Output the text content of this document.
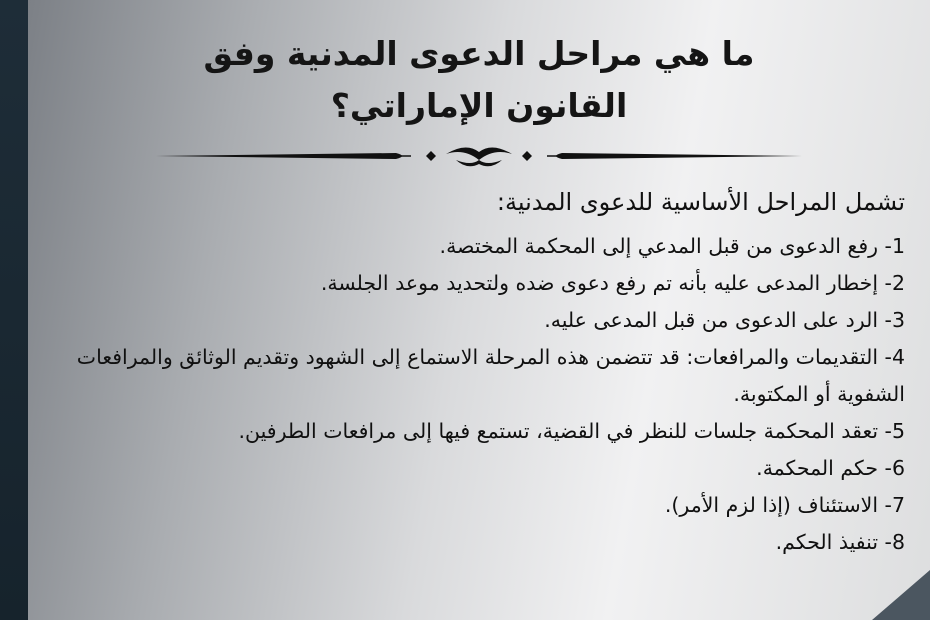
ما هي مراحل الدعوى المدنية وفق
القانون الإماراتي؟
تشمل المراحل الأساسية للدعوى المدنية:

1- رفع الدعوى من قبل المدعي إلى المحكمة المختصة.

2- إخطار المدعى عليه بأنه تم رفع دعوى ضده ولتحديد موعد الجلسة.

3- الرد على الدعوى من قبل المدعى عليه.

4- التقديمات والمرافعات: قد تتضمن هذه المرحلة الاستماع إلى الشهود وتقديم الوثائق والمرافعات الشفوية أو المكتوبة.

5- تعقد المحكمة جلسات للنظر في القضية، تستمع فيها إلى مرافعات الطرفين.

6- حكم المحكمة.

7- الاستئناف (إذا لزم الأمر).

8- تنفيذ الحكم.
